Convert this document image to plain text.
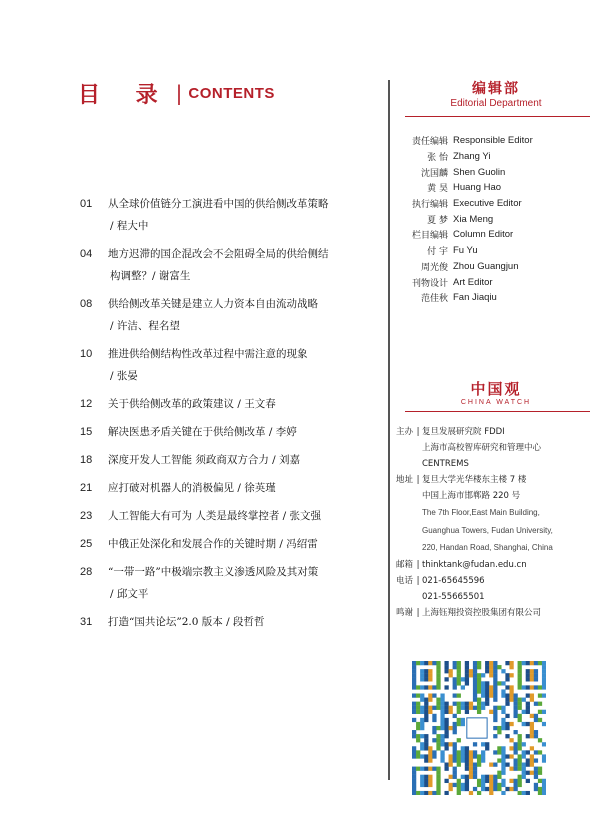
目 录 | CONTENTS
01	从全球价值链分工演进看中国的供给侧改革策略
/ 程大中
04	地方迟滞的国企混改会不会阻碍全局的供给侧结
构调整？/ 谢富生
08	供给侧改革关键是建立人力资本自由流动战略
/ 许洁、程名望
10	推进供给侧结构性改革过程中需注意的现象
/ 张晏
12	关于供给侧改革的政策建议 / 王文春
15	解决医患矛盾关键在于供给侧改革 / 李婷
18	深度开发人工智能 须政商双方合力 / 刘嘉
21	应打破对机器人的消极偏见 / 徐英瑾
23	人工智能大有可为 人类是最终掌控者 / 张文强
25	中俄正处深化和发展合作的关键时期 / 冯绍雷
28	“一带一路”中极端宗教主义渗透风险及其对策
/ 邱文平
31	打造“国共论坛”2.0 版本 / 段哲哲
编辑部
Editorial Department
责任编辑 Responsible Editor
张 怡 Zhang Yi
沈国麟 Shen Guolin
黄 昊 Huang Hao
执行编辑 Executive Editor
夏 梦 Xia Meng
栏目编辑 Column Editor
付 宇 Fu Yu
周光俊 Zhou Guangjun
刊物设计 Art Editor
范佳秋 Fan Jiaqiu
中国观
CHINA WATCH
主办 | 复旦发展研究院 FDDI
上海市高校智库研究和管理中心
CENTREMS
地址 | 复旦大学光华楼东主楼 7 楼
中国上海市邯郸路 220 号
The 7th Floor,East Main Building,
Guanghua Towers, Fudan University,
220, Handan Road, Shanghai, China
邮箱 | thinktank@fudan.edu.cn
电话 | 021-65645596
021-55665501
鸣谢 | 上海钰翔投资控股集团有限公司
